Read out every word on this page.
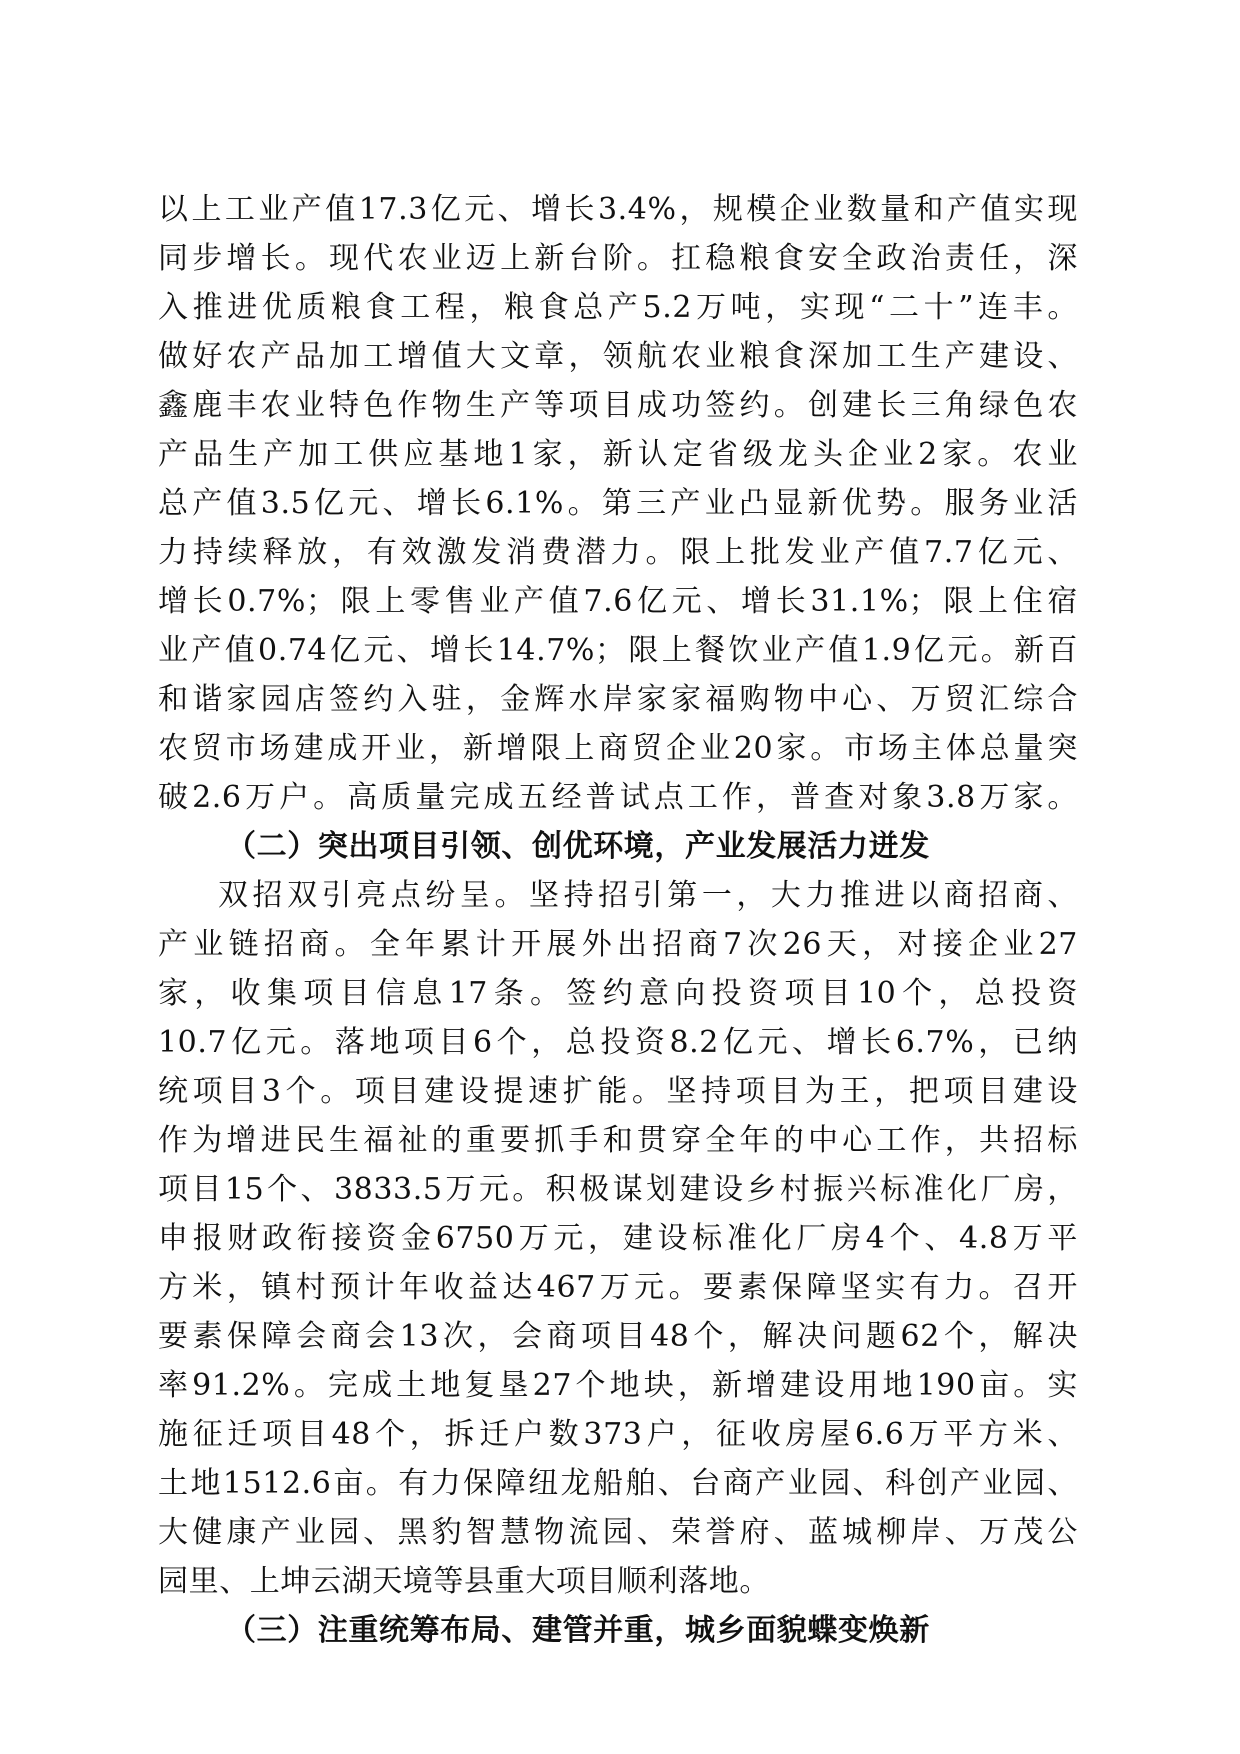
以上工业产值17.3亿元、增长3.4%，规模企业数量和产值实现
同步增长。现代农业迈上新台阶。扛稳粮食安全政治责任，深
入推进优质粮食工程，粮食总产5.2万吨，实现“二十”连丰。
做好农产品加工增值大文章，领航农业粮食深加工生产建设、
鑫鹿丰农业特色作物生产等项目成功签约。创建长三角绿色农
产品生产加工供应基地1家，新认定省级龙头企业2家。农业
总产值3.5亿元、增长6.1%。第三产业凸显新优势。服务业活
力持续释放，有效激发消费潜力。限上批发业产值7.7亿元、
增长0.7%；限上零售业产值7.6亿元、增长31.1%；限上住宿
业产值0.74亿元、增长14.7%；限上餐饮业产值1.9亿元。新百
和谐家园店签约入驻，金辉水岸家家福购物中心、万贸汇综合
农贸市场建成开业，新增限上商贸企业20家。市场主体总量突
破2.6万户。高质量完成五经普试点工作，普查对象3.8万家。
（二）突出项目引领、创优环境，产业发展活力迸发
双招双引亮点纷呈。坚持招引第一，大力推进以商招商、
产业链招商。全年累计开展外出招商7次26天，对接企业27
家，收集项目信息17条。签约意向投资项目10个，总投资
10.7亿元。落地项目6个，总投资8.2亿元、增长6.7%，已纳
统项目3个。项目建设提速扩能。坚持项目为王，把项目建设
作为增进民生福祉的重要抓手和贯穿全年的中心工作，共招标
项目15个、3833.5万元。积极谋划建设乡村振兴标准化厂房，
申报财政衔接资金6750万元，建设标准化厂房4个、4.8万平
方米，镇村预计年收益达467万元。要素保障坚实有力。召开
要素保障会商会13次，会商项目48个，解决问题62个，解决
率91.2%。完成土地复垦27个地块，新增建设用地190亩。实
施征迁项目48个，拆迁户数373户，征收房屋6.6万平方米、
土地1512.6亩。有力保障纽龙船舶、台商产业园、科创产业园、
大健康产业园、黑豹智慧物流园、荣誉府、蓝城柳岸、万茂公
园里、上坤云湖天境等县重大项目顺利落地。
（三）注重统筹布局、建管并重，城乡面貌蝶变焕新
